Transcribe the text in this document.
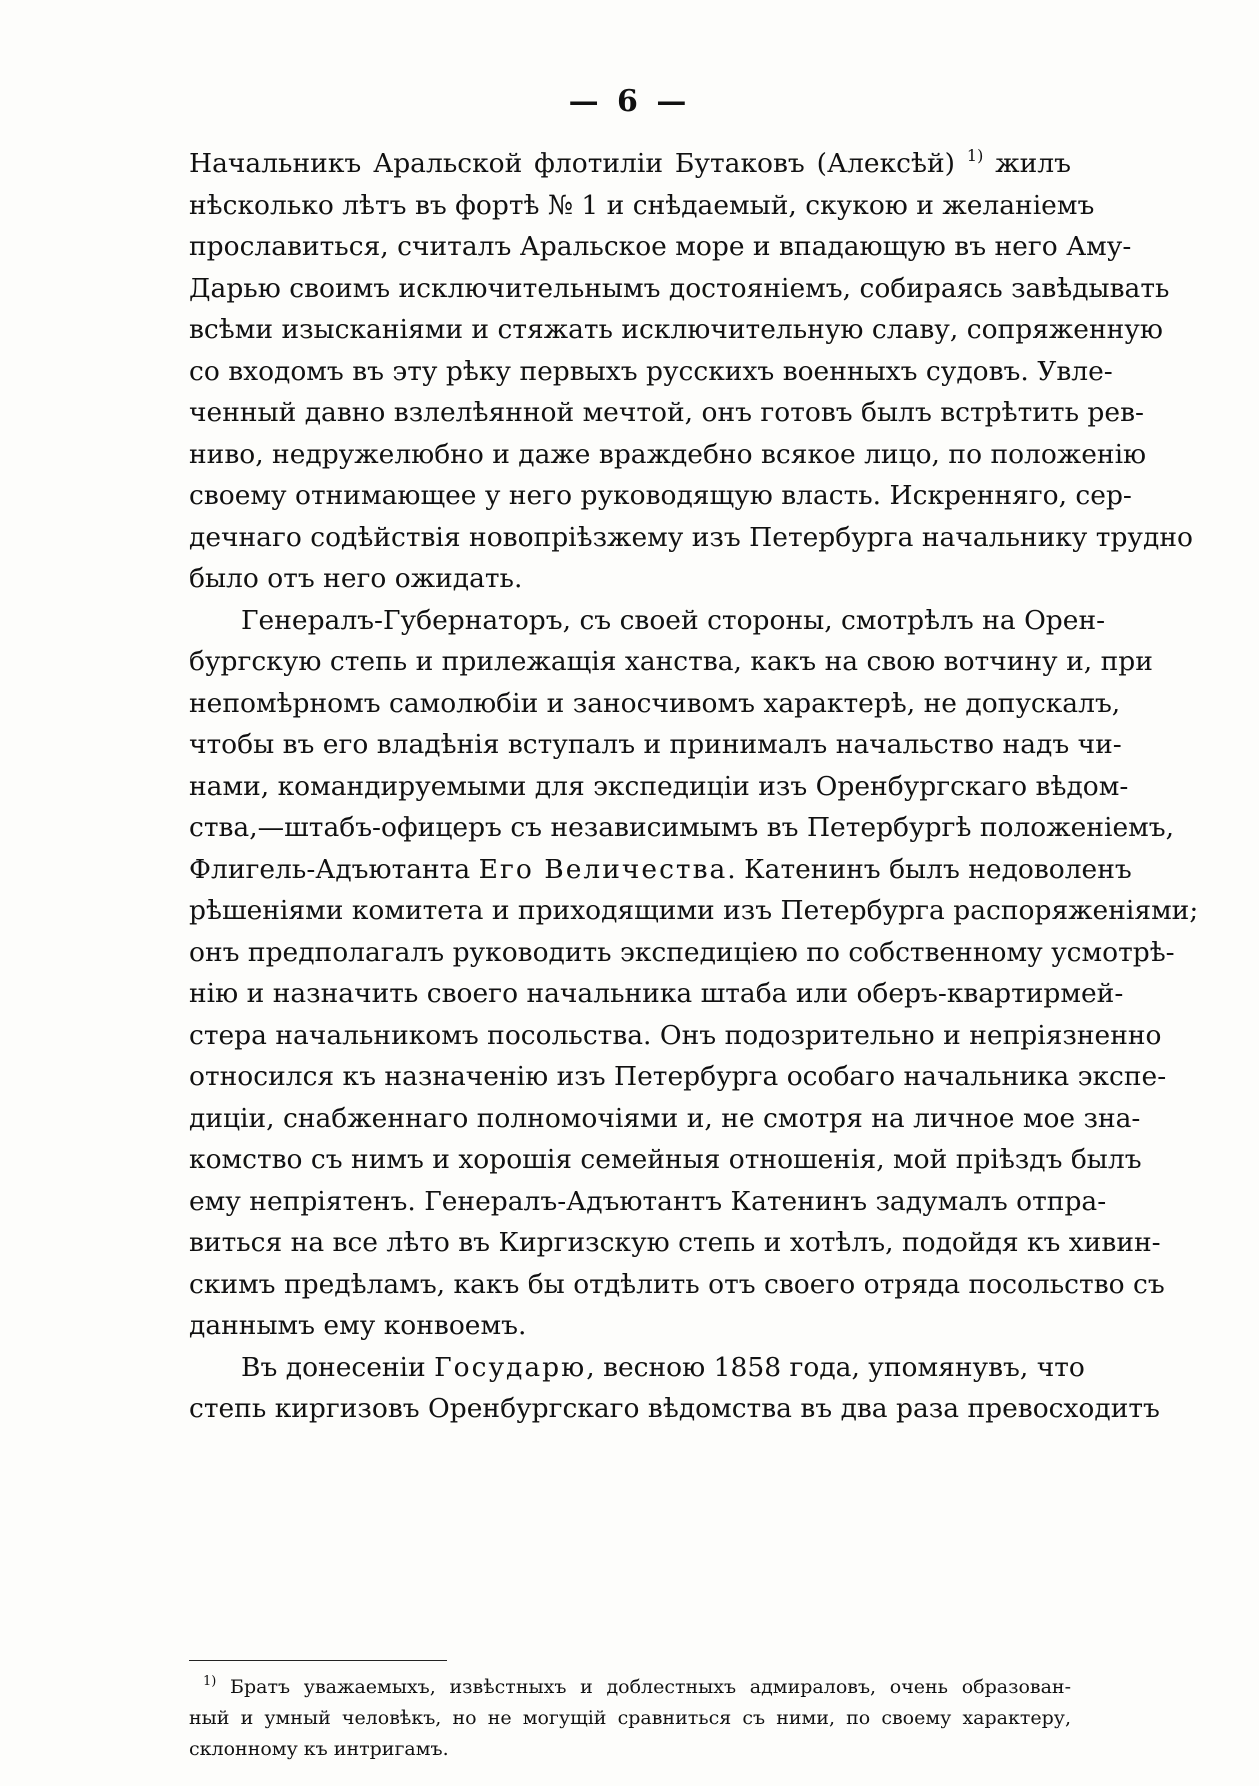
— 6 —
Начальникъ Аральской флотиліи Бутаковъ (Алексѣй) $^{1)}$ жилъ
нѣсколько лѣтъ въ фортѣ № 1 и снѣдаемый, скукою и желаніемъ
прославиться, считалъ Аральское море и впадающую въ него Аму-
Дарью своимъ исключительнымъ достояніемъ, собираясь завѣдывать
всѣми изысканіями и стяжать исключительную славу, сопряженную
со входомъ въ эту рѣку первыхъ русскихъ военныхъ судовъ. Увле-
ченный давно взлелѣянной мечтой, онъ готовъ былъ встрѣтить рев-
ниво, недружелюбно и даже враждебно всякое лицо, по положенію
своему отнимающее у него руководящую власть. Искренняго, сер-
дечнаго содѣйствія новопріѣзжему изъ Петербурга начальнику трудно
было отъ него ожидать.
Генералъ-Губернаторъ, съ своей стороны, смотрѣлъ на Орен-
бургскую степь и прилежащія ханства, какъ на свою вотчину и, при
непомѣрномъ самолюбіи и заносчивомъ характерѣ, не допускалъ,
чтобы въ его владѣнія вступалъ и принималъ начальство надъ чи-
нами, командируемыми для экспедиціи изъ Оренбургскаго вѣдом-
ства,—штабъ-офицеръ съ независимымъ въ Петербургѣ положеніемъ,
Флигель-Адъютанта Его Величества. Катенинъ былъ недоволенъ
рѣшеніями комитета и приходящими изъ Петербурга распоряженіями;
онъ предполагалъ руководить экспедиціею по собственному усмотрѣ-
нію и назначить своего начальника штаба или оберъ-квартирмей-
стера начальникомъ посольства. Онъ подозрительно и непріязненно
относился къ назначенію изъ Петербурга особаго начальника экспе-
диціи, снабженнаго полномочіями и, не смотря на личное мое зна-
комство съ нимъ и хорошія семейныя отношенія, мой пріѣздъ былъ
ему непріятенъ. Генералъ-Адъютантъ Катенинъ задумалъ отпра-
виться на все лѣто въ Киргизскую степь и хотѣлъ, подойдя къ хивин-
скимъ предѣламъ, какъ бы отдѣлить отъ своего отряда посольство съ
даннымъ ему конвоемъ.
Въ донесеніи Государю, весною 1858 года, упомянувъ, что
степь киргизовъ Оренбургскаго вѣдомства въ два раза превосходитъ
$^{1)}$ Братъ уважаемыхъ, извѣстныхъ и доблестныхъ адмираловъ, очень образован-
ный и умный человѣкъ, но не могущій сравниться съ ними, по своему характеру,
склонному къ интригамъ.
